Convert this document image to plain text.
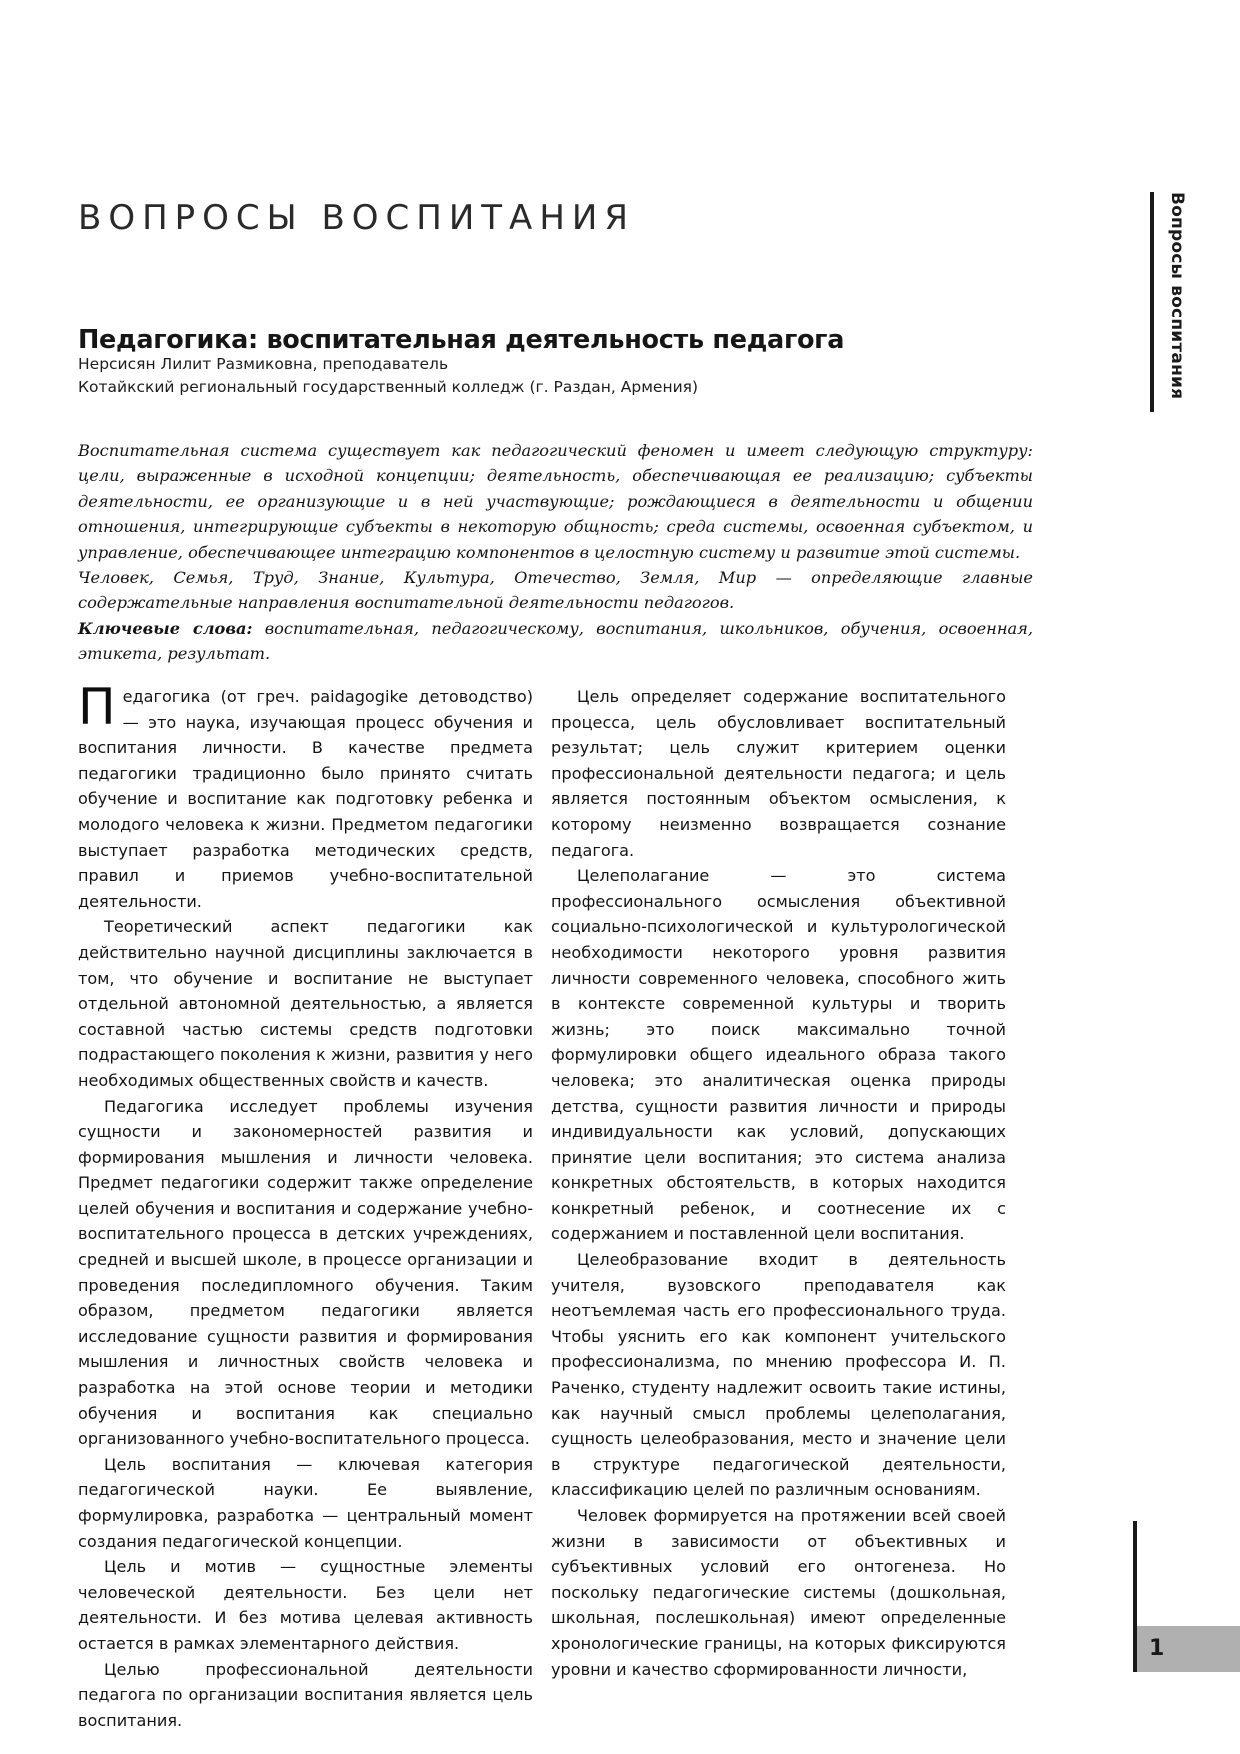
Вопросы воспитания
1
ВОПРОСЫ ВОСПИТАНИЯ
Педагогика: воспитательная деятельность педагога
Нерсисян Лилит Размиковна, преподаватель
Котайкский региональный государственный колледж (г. Раздан, Армения)

Воспитательная система существует как педагогический феномен и имеет следующую структуру: цели, выраженные в исходной концепции; деятельность, обеспечивающая ее реализацию; субъекты деятельности, ее организующие и в ней участвующие; рождающиеся в деятельности и общении отношения, интегрирующие субъекты в некоторую общность; среда системы, освоенная субъектом, и управление, обеспечивающее интеграцию компонентов в целостную систему и развитие этой системы.

Человек, Семья, Труд, Знание, Культура, Отечество, Земля, Мир — определяющие главные содержательные направления воспитательной деятельности педагогов.

Ключевые слова: воспитательная, педагогическому, воспитания, школьников, обучения, освоенная, этикета, результат.

Педагогика (от греч. paidagogike детоводство) — это наука, изучающая процесс обучения и воспитания личности. В качестве предмета педагогики традиционно было принято считать обучение и воспитание как подготовку ребенка и молодого человека к жизни. Предметом педагогики выступает разработка методических средств, правил и приемов учебно-воспитательной деятельности.

Теоретический аспект педагогики как действительно научной дисциплины заключается в том, что обучение и воспитание не выступает отдельной автономной деятельностью, а является составной частью системы средств подготовки подрастающего поколения к жизни, развития у него необходимых общественных свойств и качеств.

Педагогика исследует проблемы изучения сущности и закономерностей развития и формирования мышления и личности человека. Предмет педагогики содержит также определение целей обучения и воспитания и содержание учебно-воспитательного процесса в детских учреждениях, средней и высшей школе, в процессе организации и проведения последипломного обучения. Таким образом, предметом педагогики является исследование сущности развития и формирования мышления и личностных свойств человека и разработка на этой основе теории и методики обучения и воспитания как специально организованного учебно-воспитательного процесса.

Цель воспитания — ключевая категория педагогической науки. Ее выявление, формулировка, разработка — центральный момент создания педагогической концепции.

Цель и мотив — сущностные элементы человеческой деятельности. Без цели нет деятельности. И без мотива целевая активность остается в рамках элементарного действия.

Целью профессиональной деятельности педагога по организации воспитания является цель воспитания.

Цель определяет содержание воспитательного процесса, цель обусловливает воспитательный результат; цель служит критерием оценки профессиональной деятельности педагога; и цель является постоянным объектом осмысления, к которому неизменно возвращается сознание педагога.

Целеполагание — это система профессионального осмысления объективной социально-психологической и культурологической необходимости некоторого уровня развития личности современного человека, способного жить в контексте современной культуры и творить жизнь; это поиск максимально точной формулировки общего идеального образа такого человека; это аналитическая оценка природы детства, сущности развития личности и природы индивидуальности как условий, допускающих принятие цели воспитания; это система анализа конкретных обстоятельств, в которых находится конкретный ребенок, и соотнесение их с содержанием и поставленной цели воспитания.

Целеобразование входит в деятельность учителя, вузовского преподавателя как неотъемлемая часть его профессионального труда. Чтобы уяснить его как компонент учительского профессионализма, по мнению профессора И. П. Раченко, студенту надлежит освоить такие истины, как научный смысл проблемы целеполагания, сущность целеобразования, место и значение цели в структуре педагогической деятельности, классификацию целей по различным основаниям.

Человек формируется на протяжении всей своей жизни в зависимости от объективных и субъективных условий его онтогенеза. Но поскольку педагогические системы (дошкольная, школьная, послешкольная) имеют определенные хронологические границы, на которых фиксируются уровни и качество сформированности личности,
